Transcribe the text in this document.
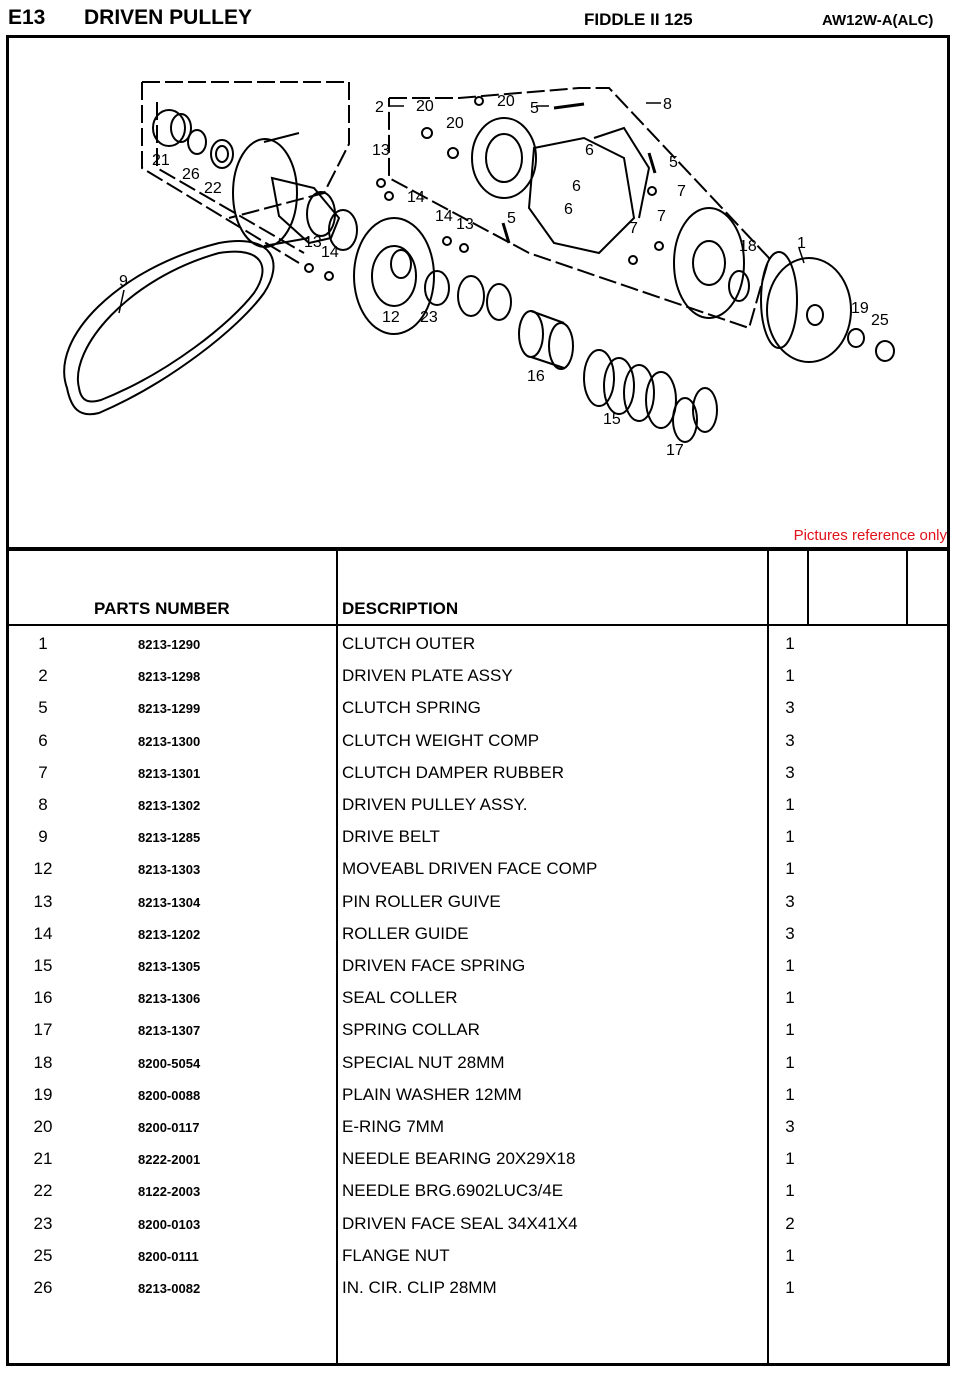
E13 DRIVEN PULLEY	FIDDLE II 125	AW12W-A(ALC)
1
2	5
5
5
6
6
6
7
7
7
8
9
12
13
13
13
14
14
14
15
16
17
18
19
20	20
20
21
22
23	25
26
Pictures reference only
PARTS NUMBER	DESCRIPTION
1	8213-1290	CLUTCH OUTER	1
2	8213-1298	DRIVEN PLATE ASSY	1
5	8213-1299	CLUTCH SPRING	3
6	8213-1300	CLUTCH WEIGHT COMP	3
7	8213-1301	CLUTCH DAMPER RUBBER	3
8	8213-1302	DRIVEN PULLEY ASSY.	1
9	8213-1285	DRIVE BELT	1
12	8213-1303	MOVEABL DRIVEN FACE COMP	1
13	8213-1304	PIN ROLLER GUIVE	3
14	8213-1202	ROLLER GUIDE	3
15	8213-1305	DRIVEN FACE SPRING	1
16	8213-1306	SEAL COLLER	1
17	8213-1307	SPRING COLLAR	1
18	8200-5054	SPECIAL NUT 28MM	1
19	8200-0088	PLAIN WASHER 12MM	1
20	8200-0117	E-RING 7MM	3
21	8222-2001	NEEDLE BEARING 20X29X18	1
22	8122-2003	NEEDLE BRG.6902LUC3/4E	1
23	8200-0103	DRIVEN FACE SEAL 34X41X4	2
25	8200-0111	FLANGE NUT	1
26	8213-0082	IN. CIR. CLIP 28MM	1
